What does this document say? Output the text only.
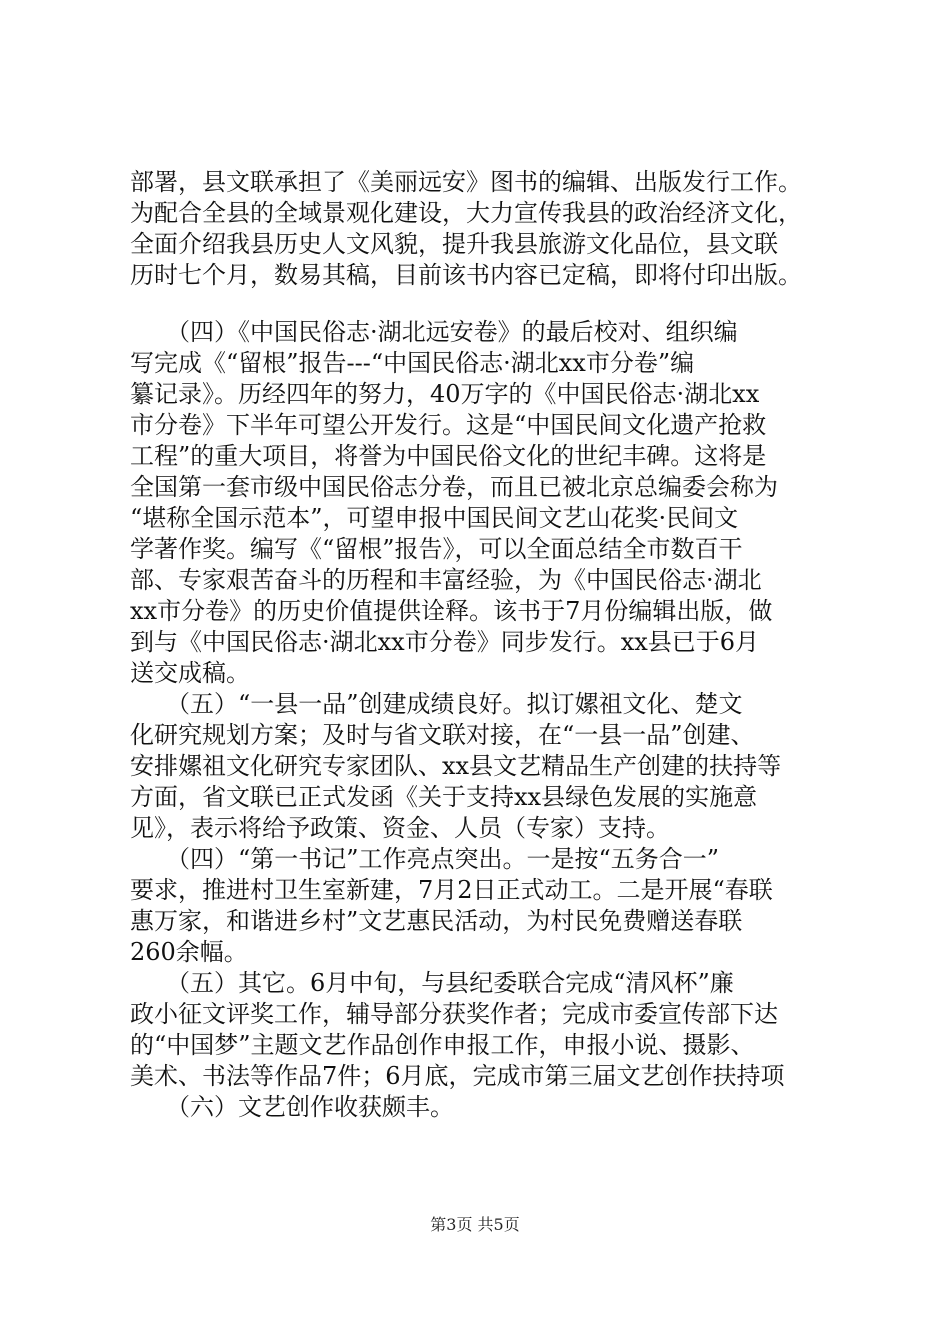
部署，县文联承担了《美丽远安》图书的编辑、出版发行工作。
为配合全县的全域景观化建设，大力宣传我县的政治经济文化，
全面介绍我县历史人文风貌，提升我县旅游文化品位，县文联
历时七个月，数易其稿，目前该书内容已定稿，即将付印出版。
　　（四）《中国民俗志·湖北远安卷》的最后校对、组织编
写完成《“留根”报告---“中国民俗志·湖北xx市分卷”编
纂记录》。历经四年的努力，40万字的《中国民俗志·湖北xx
市分卷》下半年可望公开发行。这是“中国民间文化遗产抢救
工程”的重大项目，将誉为中国民俗文化的世纪丰碑。这将是
全国第一套市级中国民俗志分卷，而且已被北京总编委会称为
“堪称全国示范本”，可望申报中国民间文艺山花奖·民间文
学著作奖。编写《“留根”报告》，可以全面总结全市数百干
部、专家艰苦奋斗的历程和丰富经验，为《中国民俗志·湖北
xx市分卷》的历史价值提供诠释。该书于7月份编辑出版，做
到与《中国民俗志·湖北xx市分卷》同步发行。xx县已于6月
送交成稿。
　　（五）“一县一品”创建成绩良好。拟订嫘祖文化、楚文
化研究规划方案；及时与省文联对接，在“一县一品”创建、
安排嫘祖文化研究专家团队、xx县文艺精品生产创建的扶持等
方面，省文联已正式发函《关于支持xx县绿色发展的实施意
见》，表示将给予政策、资金、人员（专家）支持。
　　（四）“第一书记”工作亮点突出。一是按“五务合一”
要求，推进村卫生室新建，7月2日正式动工。二是开展“春联
惠万家，和谐进乡村”文艺惠民活动，为村民免费赠送春联
260余幅。
　　（五）其它。6月中旬，与县纪委联合完成“清风杯”廉
政小征文评奖工作，辅导部分获奖作者；完成市委宣传部下达
的“中国梦”主题文艺作品创作申报工作，申报小说、摄影、
美术、书法等作品7件；6月底，完成市第三届文艺创作扶持项
　　（六）文艺创作收获颇丰。
第3页 共5页
